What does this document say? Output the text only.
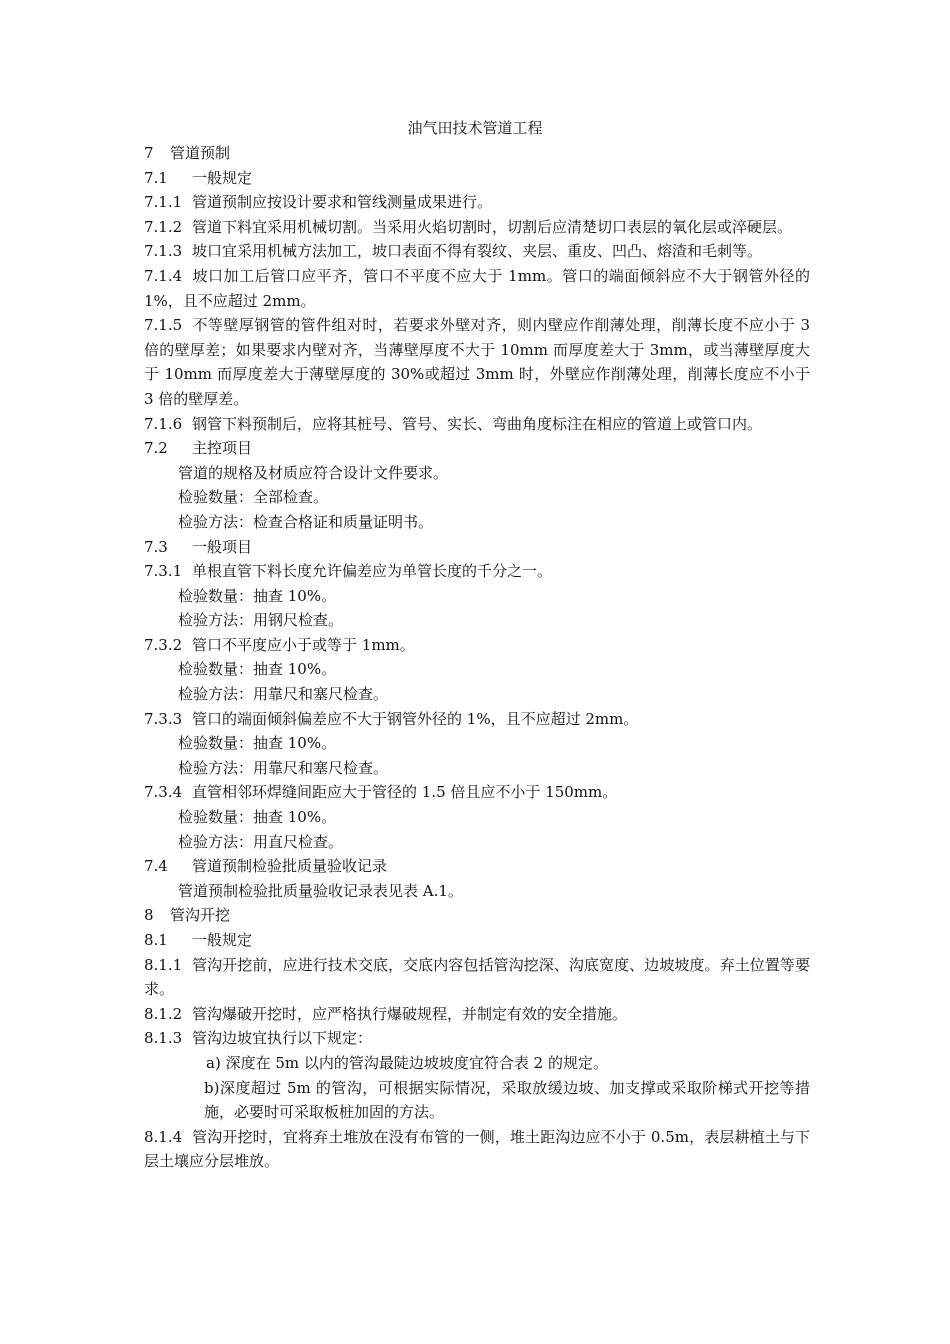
油气田技术管道工程
7 管道预制
7.1 一般规定
7.1.1 管道预制应按设计要求和管线测量成果进行。
7.1.2 管道下料宜采用机械切割。当采用火焰切割时，切割后应清楚切口表层的氧化层或淬硬层。
7.1.3 坡口宜采用机械方法加工，坡口表面不得有裂纹、夹层、重皮、凹凸、熔渣和毛刺等。
7.1.4 坡口加工后管口应平齐，管口不平度不应大于 1mm。管口的端面倾斜应不大于钢管外径的 1%，且不应超过 2mm。
7.1.5 不等壁厚钢管的管件组对时，若要求外壁对齐，则内壁应作削薄处理，削薄长度不应小于 3 倍的壁厚差；如果要求内壁对齐，当薄壁厚度不大于 10mm 而厚度差大于 3mm，或当薄壁厚度大于 10mm 而厚度差大于薄壁厚度的 30%或超过 3mm 时，外壁应作削薄处理，削薄长度应不小于 3 倍的壁厚差。
7.1.6 钢管下料预制后，应将其桩号、管号、实长、弯曲角度标注在相应的管道上或管口内。
7.2 主控项目
管道的规格及材质应符合设计文件要求。
检验数量：全部检查。
检验方法：检查合格证和质量证明书。
7.3 一般项目
7.3.1 单根直管下料长度允许偏差应为单管长度的千分之一。
检验数量：抽查 10%。
检验方法：用钢尺检查。
7.3.2 管口不平度应小于或等于 1mm。
检验数量：抽查 10%。
检验方法：用靠尺和塞尺检查。
7.3.3 管口的端面倾斜偏差应不大于钢管外径的 1%，且不应超过 2mm。
检验数量：抽查 10%。
检验方法：用靠尺和塞尺检查。
7.3.4 直管相邻环焊缝间距应大于管径的 1.5 倍且应不小于 150mm。
检验数量：抽查 10%。
检验方法：用直尺检查。
7.4 管道预制检验批质量验收记录
管道预制检验批质量验收记录表见表 A.1。
8 管沟开挖
8.1 一般规定
8.1.1 管沟开挖前，应进行技术交底，交底内容包括管沟挖深、沟底宽度、边坡坡度。弃土位置等要求。
8.1.2 管沟爆破开挖时，应严格执行爆破规程，并制定有效的安全措施。
8.1.3 管沟边坡宜执行以下规定：
a) 深度在 5m 以内的管沟最陡边坡坡度宜符合表 2 的规定。
b)深度超过 5m 的管沟，可根据实际情况，采取放缓边坡、加支撑或采取阶梯式开挖等措施，必要时可采取板桩加固的方法。
8.1.4 管沟开挖时，宜将弃土堆放在没有布管的一侧，堆土距沟边应不小于 0.5m，表层耕植土与下层土壤应分层堆放。
